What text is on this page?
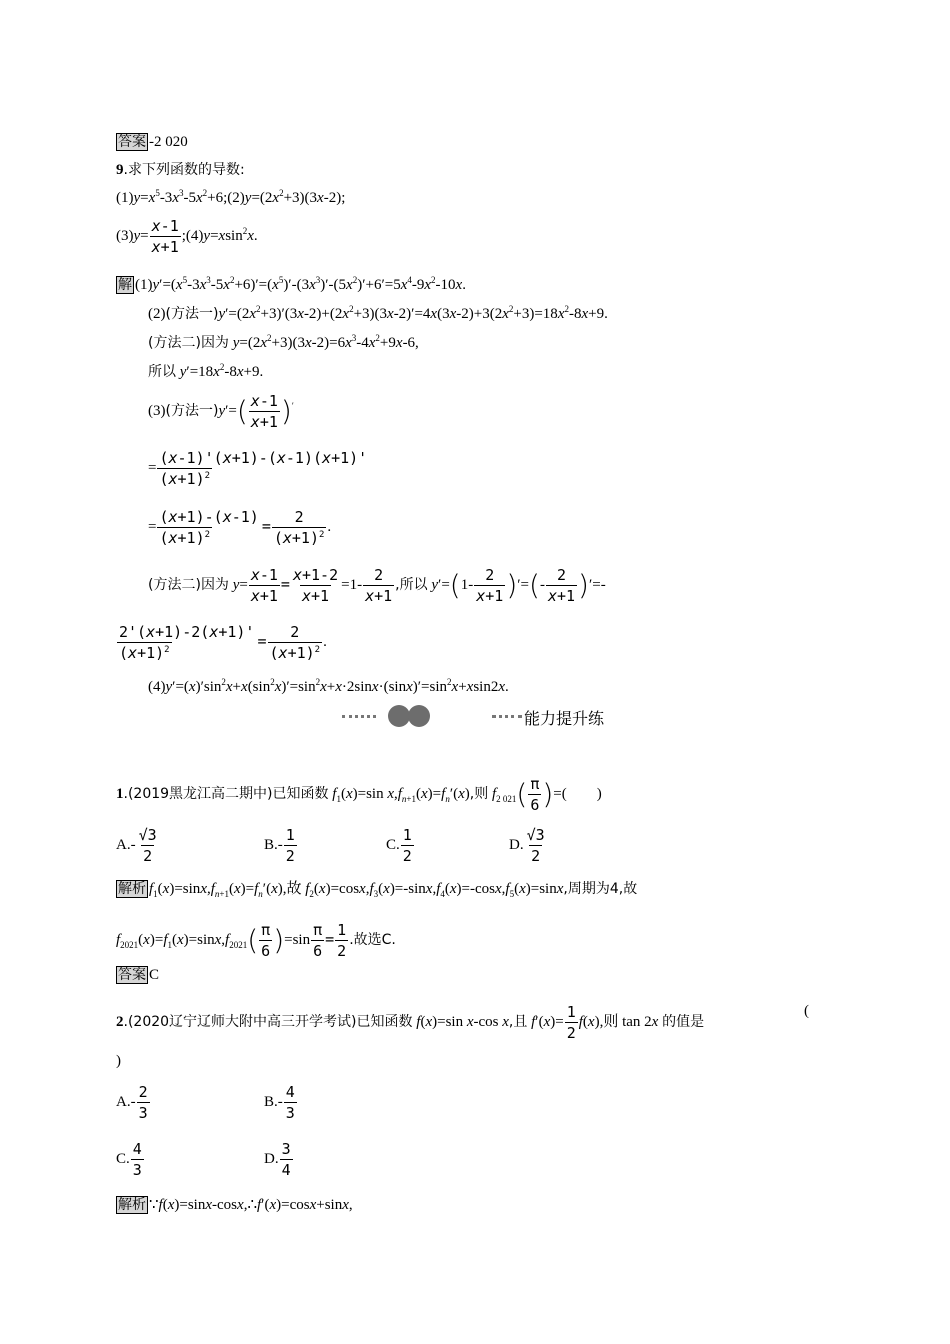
答案 -2 020
9.求下列函数的导数:
$(1)y=x^5-3x^3-5x^2+6;(2)y=(2x^2+3)(3x-2)$;
$(3)y= \frac{x-1}{x+1}$ ;(4)y=xsin$^2$x.
解 $(1)y'=(x^5-3x^3-5x^2+6)'=(x^5)'-(3x^3)'-(5x^2)'+6'=5x^4-9x^2-10x$.
(2)(方法一)$y'=(2x^2+3)'(3x-2)+(2x^2+3)(3x-2)'=4x(3x-2)+3(2x^2+3)=18x^2-8x+9$.
(方法二)因为 $y=(2x^2+3)(3x-2)=6x^3-4x^2+9x-6$,
所以 $y'=18x^2-8x+9$.
(3)(方法一)$y'=( \frac{x-1}{x+1} )'$
= $\frac{(x-1)'(x+1)-(x-1)(x+1)'}{(x+1)^2}$
= $\frac{(x+1)-(x-1)}{(x+1)^2} = \frac{2}{(x+1)^2}$ .
(方法二)因为 $y= \frac{x-1}{x+1} = \frac{x+1-2}{x+1} =1- \frac{2}{x+1}$ ,所以 $y'=(1- \frac{2}{x+1}$ )′=(- $\frac{2}{x+1}$ )′=-
$\frac{2'(x+1)-2(x+1)'}{(x+1)^2} = \frac{2}{(x+1)^2}$ .
$(4)y'=(x)'\sin^2x+x(\sin^2x)'=\sin^2x+x\cdot 2\sin x\cdot(\sin x)'=\sin^2x+xsin2x$.
能力提升练
1.(2019黑龙江高二期中)已知函数 $f_1(x)=\sin$ $x,f_{n+1}(x)=f_n'(x)$,则 $f_{2 021}( \frac{\pi}{6}$ )=(　　)
$A.- \frac{√3}{2}$	$B.- \frac{1}{2}$	C. $\frac{1}{2}$	D. $\frac{√3}{2}$
解析 $f_1(x)=\sin x,f_{n+1}(x)=f_n'(x)$,故 $f_2(x)=\cos x,f_3(x)=-\sin x,f_4(x)=-\cos x,f_5(x)=\sin x$,周期为4,故
$f_{2021}(x)=f_1(x)=\sin x,f_{2021}( \frac{\pi}{6} )=\sin \frac{\pi}{6} = \frac{1}{2}$ .故选C.
答案 C
2.(2020辽宁辽师大附中高三开学考试)已知函数 f(x)=sin x-cos x,且 $f'(x)= \frac{1}{2} f(x)$,则 tan 2x 的值是
(
)
$A.- \frac{2}{3}$	$B.- \frac{4}{3}$
C. $\frac{4}{3}$	D. $\frac{3}{4}$
解析 ∵f(x)=sinx-cosx,∴f′(x)=cosx+sinx,
